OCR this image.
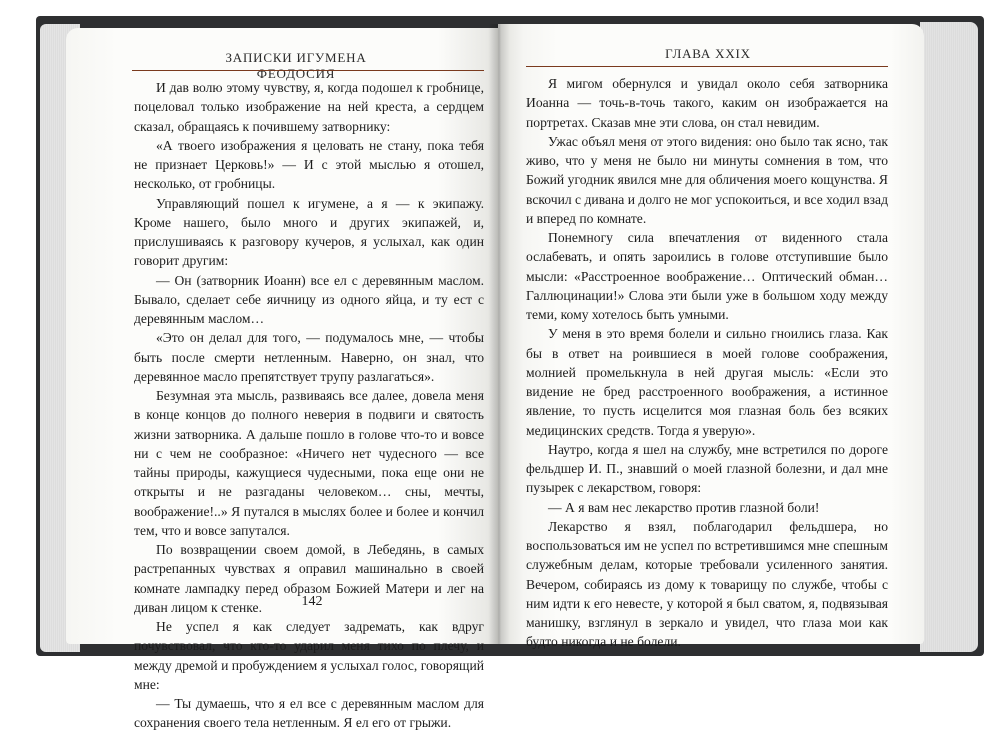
ЗАПИСКИ ИГУМЕНА ФЕОДОСИЯ

И дав волю этому чувству, я, когда подошел к гробнице, поцеловал только изображение на ней креста, а сердцем сказал, обращаясь к почившему затворнику:

«А твоего изображения я целовать не стану, пока тебя не признает Церковь!» — И с этой мыслью я отошел, несколько, от гробницы.

Управляющий пошел к игумене, а я — к экипажу. Кроме нашего, было много и других экипажей, и, прислушиваясь к разговору кучеров, я услыхал, как один говорит другим:

— Он (затворник Иоанн) все ел с деревянным маслом. Бывало, сделает себе яичницу из одного яйца, и ту ест с деревянным маслом…

«Это он делал для того, — подумалось мне, — чтобы быть после смерти нетленным. Наверно, он знал, что деревянное масло препятствует трупу разлагаться».

Безумная эта мысль, развиваясь все далее, довела меня в конце концов до полного неверия в подвиги и святость жизни затворника. А дальше пошло в голове что-то и вовсе ни с чем не сообразное: «Ничего нет чудесного — все тайны природы, кажущиеся чудесными, пока еще они не открыты и не разгаданы человеком… сны, мечты, воображение!..» Я путался в мыслях более и более и кончил тем, что и вовсе запутался.

По возвращении своем домой, в Лебедянь, в самых растрепанных чувствах я оправил машинально в своей комнате лампадку перед образом Божией Матери и лег на диван лицом к стенке.

Не успел я как следует задремать, как вдруг почувствовал, что кто-то ударил меня тихо по плечу, и между дремой и пробуждением я услыхал голос, говорящий мне:

— Ты думаешь, что я ел все с деревянным маслом для сохранения своего тела нетленным. Я ел его от грыжи.

142
ГЛАВА XXIX

Я мигом обернулся и увидал около себя затворника Иоанна — точь-в-точь такого, каким он изображается на портретах. Сказав мне эти слова, он стал невидим.

Ужас объял меня от этого видения: оно было так ясно, так живо, что у меня не было ни минуты сомнения в том, что Божий угодник явился мне для обличения моего кощунства. Я вскочил с дивана и долго не мог успокоиться, и все ходил взад и вперед по комнате.

Понемногу сила впечатления от виденного стала ослабевать, и опять зароились в голове отступившие было мысли: «Расстроенное воображение… Оптический обман… Галлюцинации!» Слова эти были уже в большом ходу между теми, кому хотелось быть умными.

У меня в это время болели и сильно гноились глаза. Как бы в ответ на роившиеся в моей голове соображения, молнией промелькнула в ней другая мысль: «Если это видение не бред расстроенного воображения, а истинное явление, то пусть исцелится моя глазная боль без всяких медицинских средств. Тогда я уверую».

Наутро, когда я шел на службу, мне встретился по дороге фельдшер И. П., знавший о моей глазной болезни, и дал мне пузырек с лекарством, говоря:

— А я вам нес лекарство против глазной боли!

Лекарство я взял, поблагодарил фельдшера, но воспользоваться им не успел по встретившимся мне спешным служебным делам, которые требовали усиленного занятия. Вечером, собираясь из дому к товарищу по службе, чтобы с ним идти к его невесте, у которой я был сватом, я, подвязывая манишку, взглянул в зеркало и увидел, что глаза мои как будто никогда и не болели.
